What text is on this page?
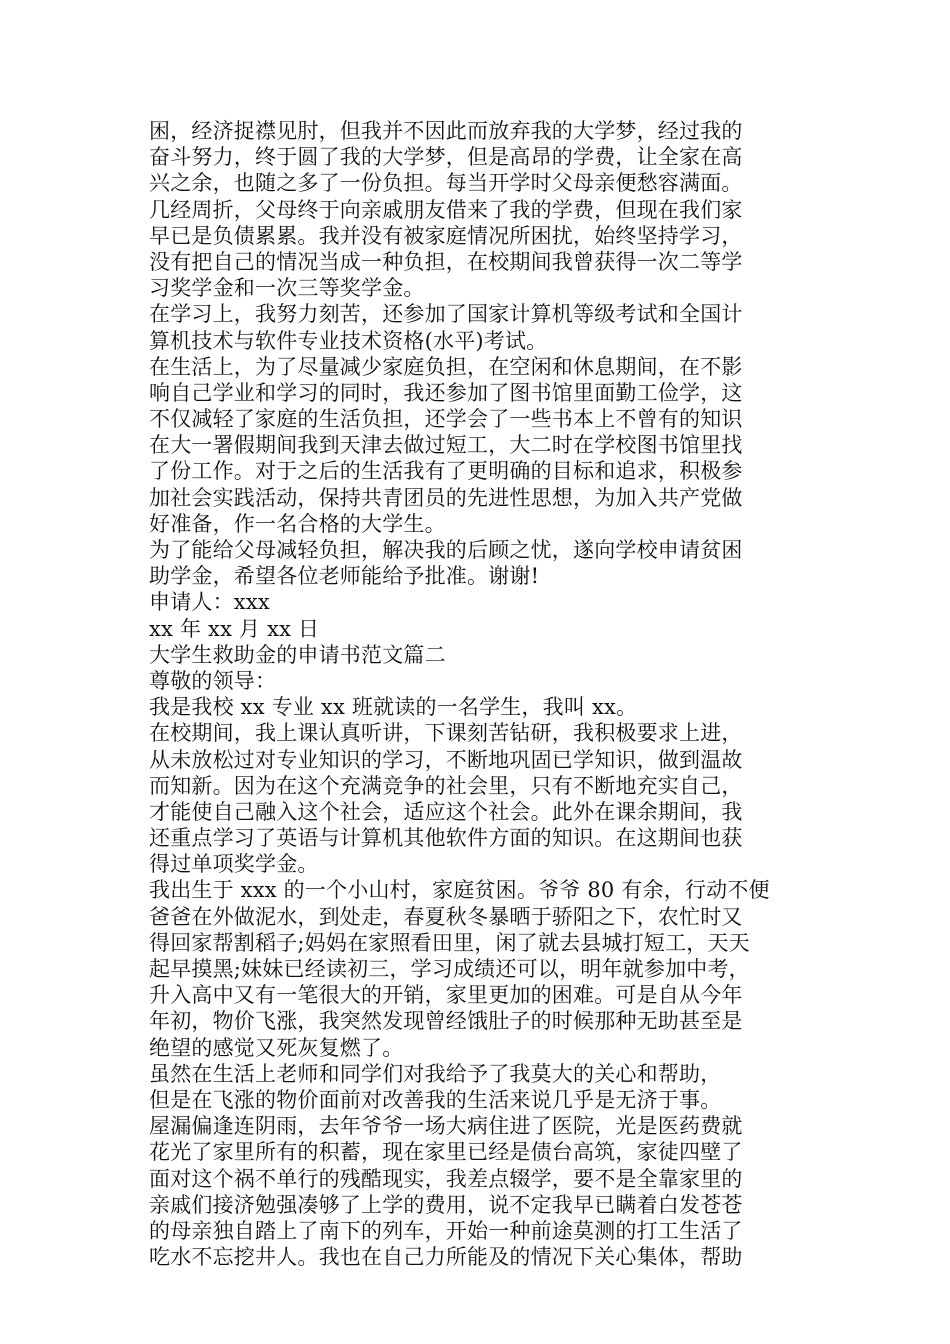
困，经济捉襟见肘，但我并不因此而放弃我的大学梦，经过我的
奋斗努力，终于圆了我的大学梦，但是高昂的学费，让全家在高
兴之余，也随之多了一份负担。每当开学时父母亲便愁容满面。
几经周折，父母终于向亲戚朋友借来了我的学费，但现在我们家
早已是负债累累。我并没有被家庭情况所困扰，始终坚持学习，
没有把自己的情况当成一种负担，在校期间我曾获得一次二等学
习奖学金和一次三等奖学金。
在学习上，我努力刻苦，还参加了国家计算机等级考试和全国计
算机技术与软件专业技术资格(水平)考试。
在生活上，为了尽量减少家庭负担，在空闲和休息期间，在不影
响自己学业和学习的同时，我还参加了图书馆里面勤工俭学，这
不仅减轻了家庭的生活负担，还学会了一些书本上不曾有的知识
在大一署假期间我到天津去做过短工，大二时在学校图书馆里找
了份工作。对于之后的生活我有了更明确的目标和追求，积极参
加社会实践活动，保持共青团员的先进性思想，为加入共产党做
好准备，作一名合格的大学生。
为了能给父母减轻负担，解决我的后顾之忧，遂向学校申请贫困
助学金，希望各位老师能给予批准。谢谢!
申请人：xxx
xx 年 xx 月 xx 日
大学生救助金的申请书范文篇二
尊敬的领导：
我是我校 xx 专业 xx 班就读的一名学生，我叫 xx。
在校期间，我上课认真听讲，下课刻苦钻研，我积极要求上进，
从未放松过对专业知识的学习，不断地巩固已学知识，做到温故
而知新。因为在这个充满竞争的社会里，只有不断地充实自己，
才能使自己融入这个社会，适应这个社会。此外在课余期间，我
还重点学习了英语与计算机其他软件方面的知识。在这期间也获
得过单项奖学金。
我出生于 xxx 的一个小山村，家庭贫困。爷爷 80 有余，行动不便
爸爸在外做泥水，到处走，春夏秋冬暴晒于骄阳之下，农忙时又
得回家帮割稻子;妈妈在家照看田里，闲了就去县城打短工，天天
起早摸黑;妹妹已经读初三，学习成绩还可以，明年就参加中考，
升入高中又有一笔很大的开销，家里更加的困难。可是自从今年
年初，物价飞涨，我突然发现曾经饿肚子的时候那种无助甚至是
绝望的感觉又死灰复燃了。
虽然在生活上老师和同学们对我给予了我莫大的关心和帮助，
但是在飞涨的物价面前对改善我的生活来说几乎是无济于事。
屋漏偏逢连阴雨，去年爷爷一场大病住进了医院，光是医药费就
花光了家里所有的积蓄，现在家里已经是债台高筑，家徒四壁了
面对这个祸不单行的残酷现实，我差点辍学，要不是全靠家里的
亲戚们接济勉强凑够了上学的费用，说不定我早已瞒着白发苍苍
的母亲独自踏上了南下的列车，开始一种前途莫测的打工生活了
吃水不忘挖井人。我也在自己力所能及的情况下关心集体，帮助
